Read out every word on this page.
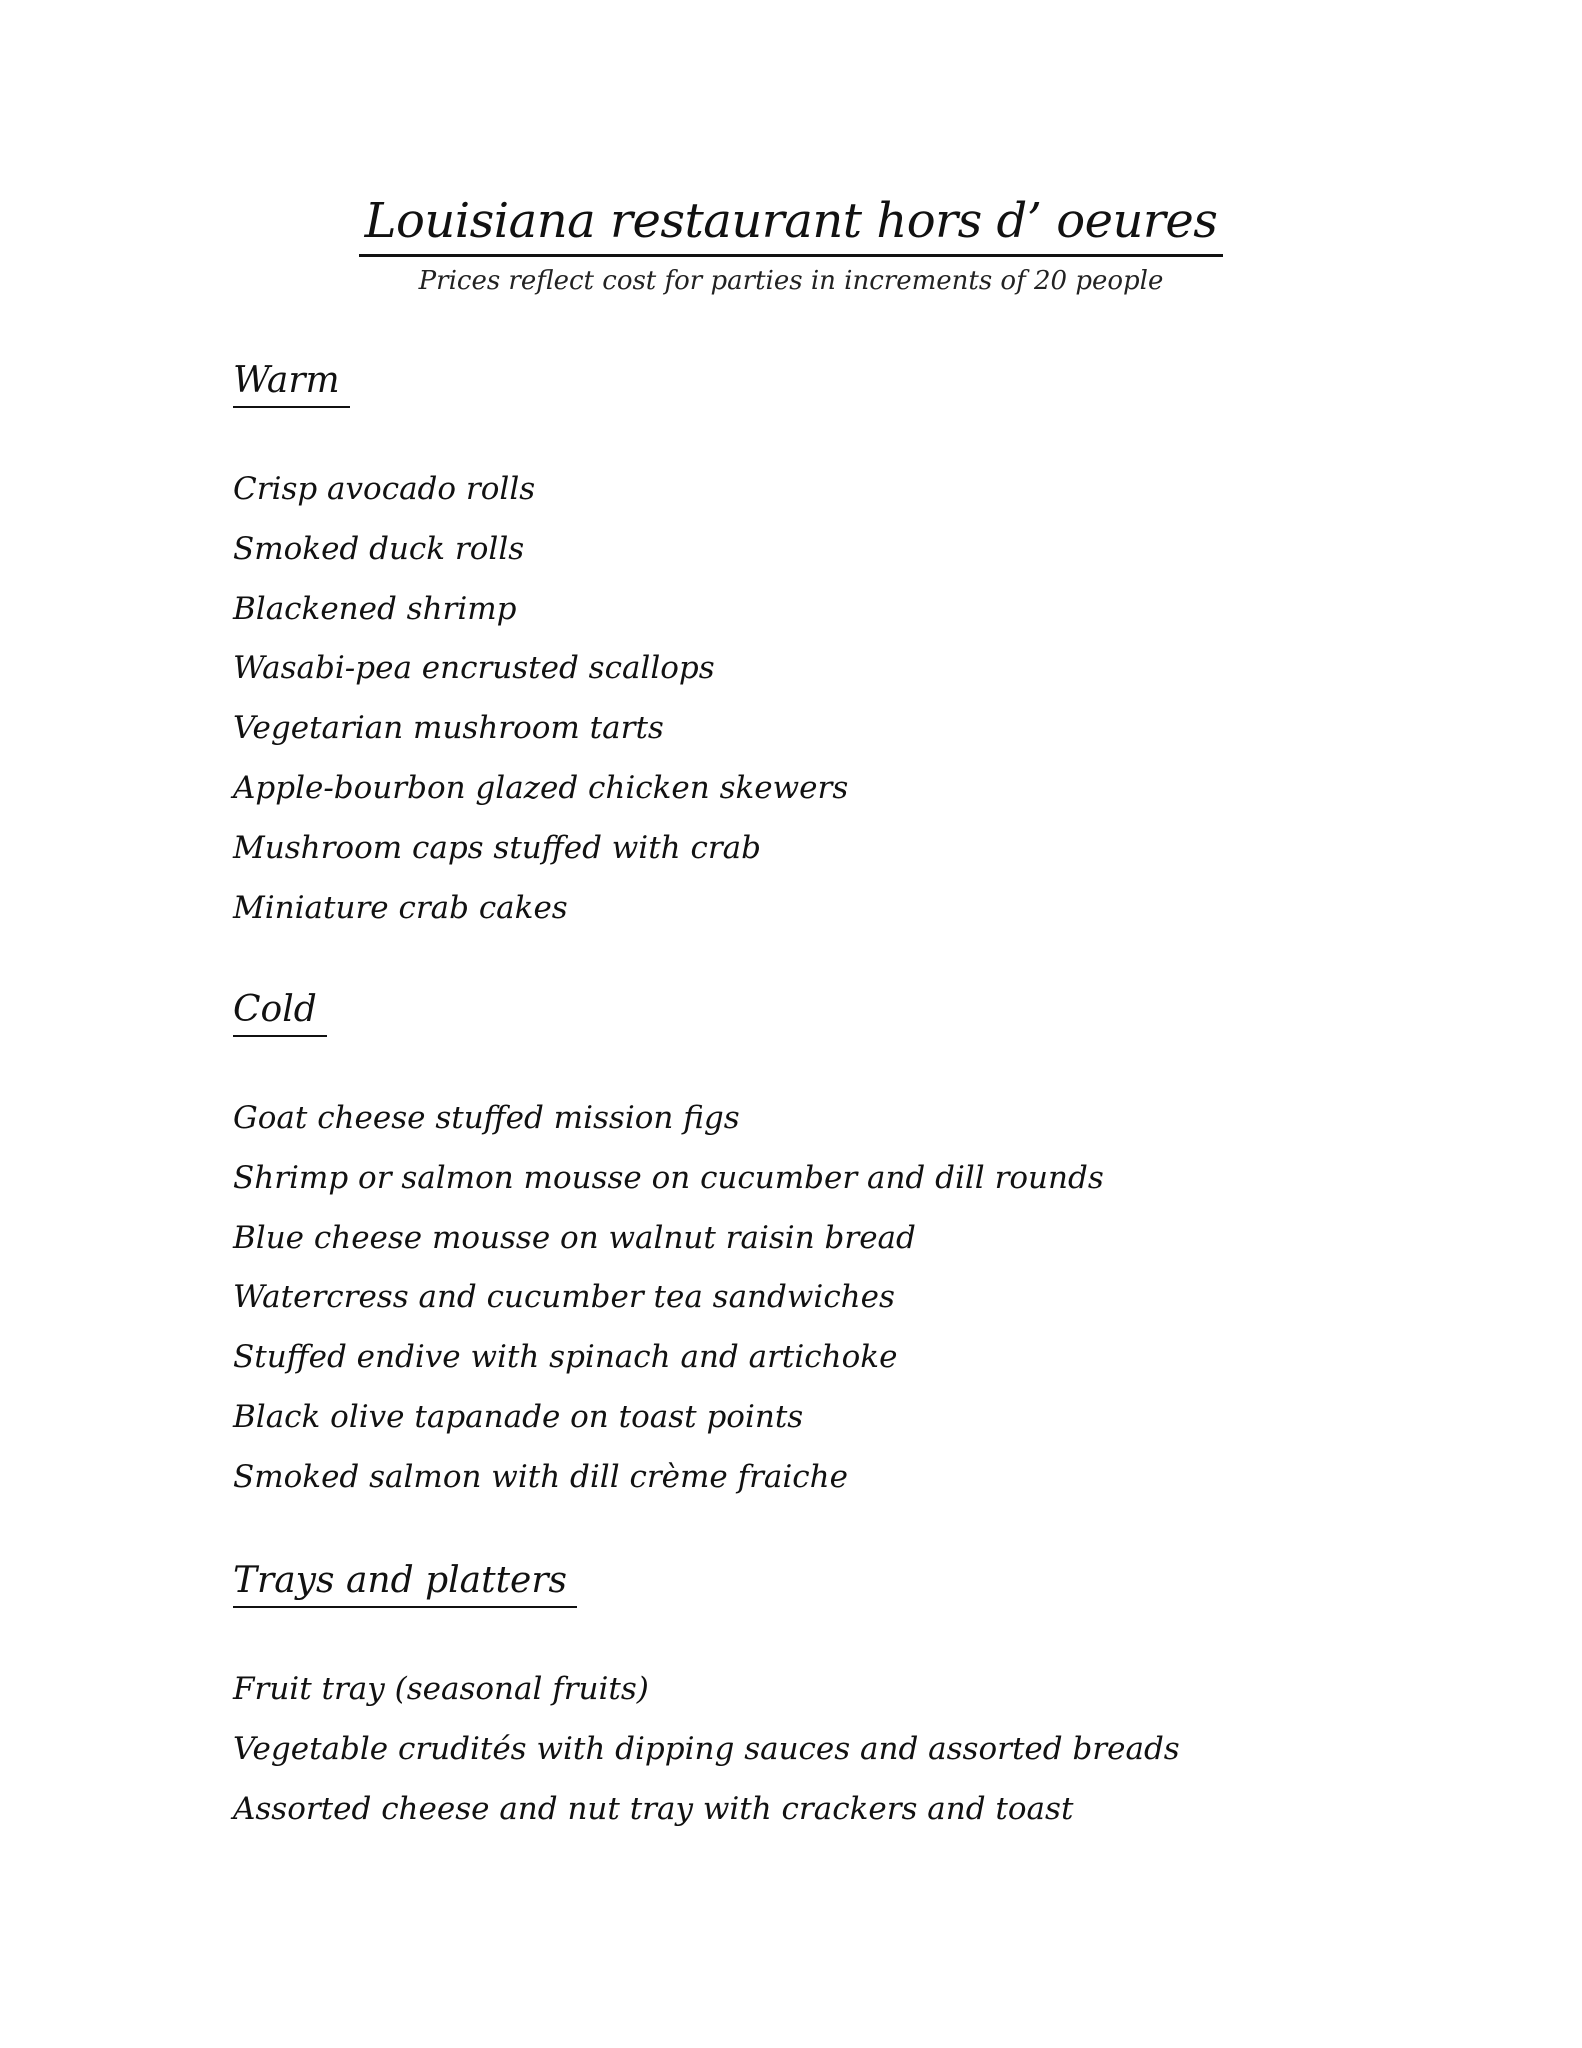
Louisiana restaurant hors d’ oeures
Prices reflect cost for parties in increments of 20 people
Warm
Crisp avocado rolls
Smoked duck rolls
Blackened shrimp
Wasabi-pea encrusted scallops
Vegetarian mushroom tarts
Apple-bourbon glazed chicken skewers
Mushroom caps stuffed with crab
Miniature crab cakes
Cold
Goat cheese stuffed mission figs
Shrimp or salmon mousse on cucumber and dill rounds
Blue cheese mousse on walnut raisin bread
Watercress and cucumber tea sandwiches
Stuffed endive with spinach and artichoke
Black olive tapanade on toast points
Smoked salmon with dill crème fraiche
Trays and platters
Fruit tray (seasonal fruits)
Vegetable crudités with dipping sauces and assorted breads
Assorted cheese and nut tray with crackers and toast
